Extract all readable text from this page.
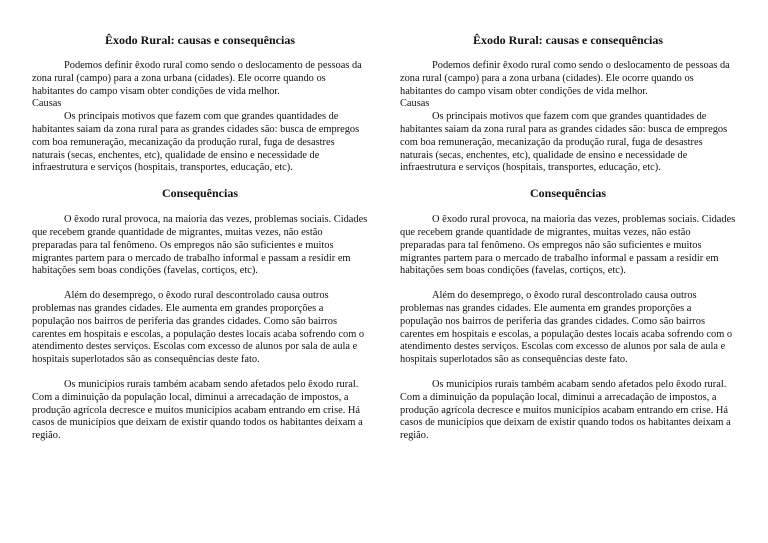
Êxodo Rural: causas e consequências

Podemos definir êxodo rural como sendo o deslocamento de pessoas da zona rural (campo) para a zona urbana (cidades). Ele ocorre quando os habitantes do campo visam obter condições de vida melhor.

Causas

Os principais motivos que fazem com que grandes quantidades de habitantes saiam da zona rural para as grandes cidades são: busca de empregos com boa remuneração, mecanização da produção rural, fuga de desastres naturais (secas, enchentes, etc), qualidade de ensino e necessidade de infraestrutura e serviços (hospitais, transportes, educação, etc).

Consequências

O êxodo rural provoca, na maioria das vezes, problemas sociais. Cidades que recebem grande quantidade de migrantes, muitas vezes, não estão preparadas para tal fenômeno. Os empregos não são suficientes e muitos migrantes partem para o mercado de trabalho informal e passam a residir em habitações sem boas condições (favelas, cortiços, etc).

Além do desemprego, o êxodo rural descontrolado causa outros problemas nas grandes cidades. Ele aumenta em grandes proporções a população nos bairros de periferia das grandes cidades. Como são bairros carentes em hospitais e escolas, a população destes locais acaba sofrendo com o atendimento destes serviços. Escolas com excesso de alunos por sala de aula e hospitais superlotados são as consequências deste fato.

Os municípios rurais também acabam sendo afetados pelo êxodo rural. Com a diminuição da população local, diminui a arrecadação de impostos, a produção agrícola decresce e muitos municípios acabam entrando em crise. Há casos de municípios que deixam de existir quando todos os habitantes deixam a região.

Êxodo Rural: causas e consequências

Podemos definir êxodo rural como sendo o deslocamento de pessoas da zona rural (campo) para a zona urbana (cidades). Ele ocorre quando os habitantes do campo visam obter condições de vida melhor.

Causas

Os principais motivos que fazem com que grandes quantidades de habitantes saiam da zona rural para as grandes cidades são: busca de empregos com boa remuneração, mecanização da produção rural, fuga de desastres naturais (secas, enchentes, etc), qualidade de ensino e necessidade de infraestrutura e serviços (hospitais, transportes, educação, etc).

Consequências

O êxodo rural provoca, na maioria das vezes, problemas sociais. Cidades que recebem grande quantidade de migrantes, muitas vezes, não estão preparadas para tal fenômeno. Os empregos não são suficientes e muitos migrantes partem para o mercado de trabalho informal e passam a residir em habitações sem boas condições (favelas, cortiços, etc).

Além do desemprego, o êxodo rural descontrolado causa outros problemas nas grandes cidades. Ele aumenta em grandes proporções a população nos bairros de periferia das grandes cidades. Como são bairros carentes em hospitais e escolas, a população destes locais acaba sofrendo com o atendimento destes serviços. Escolas com excesso de alunos por sala de aula e hospitais superlotados são as consequências deste fato.

Os municípios rurais também acabam sendo afetados pelo êxodo rural. Com a diminuição da população local, diminui a arrecadação de impostos, a produção agrícola decresce e muitos municípios acabam entrando em crise. Há casos de municípios que deixam de existir quando todos os habitantes deixam a região.
